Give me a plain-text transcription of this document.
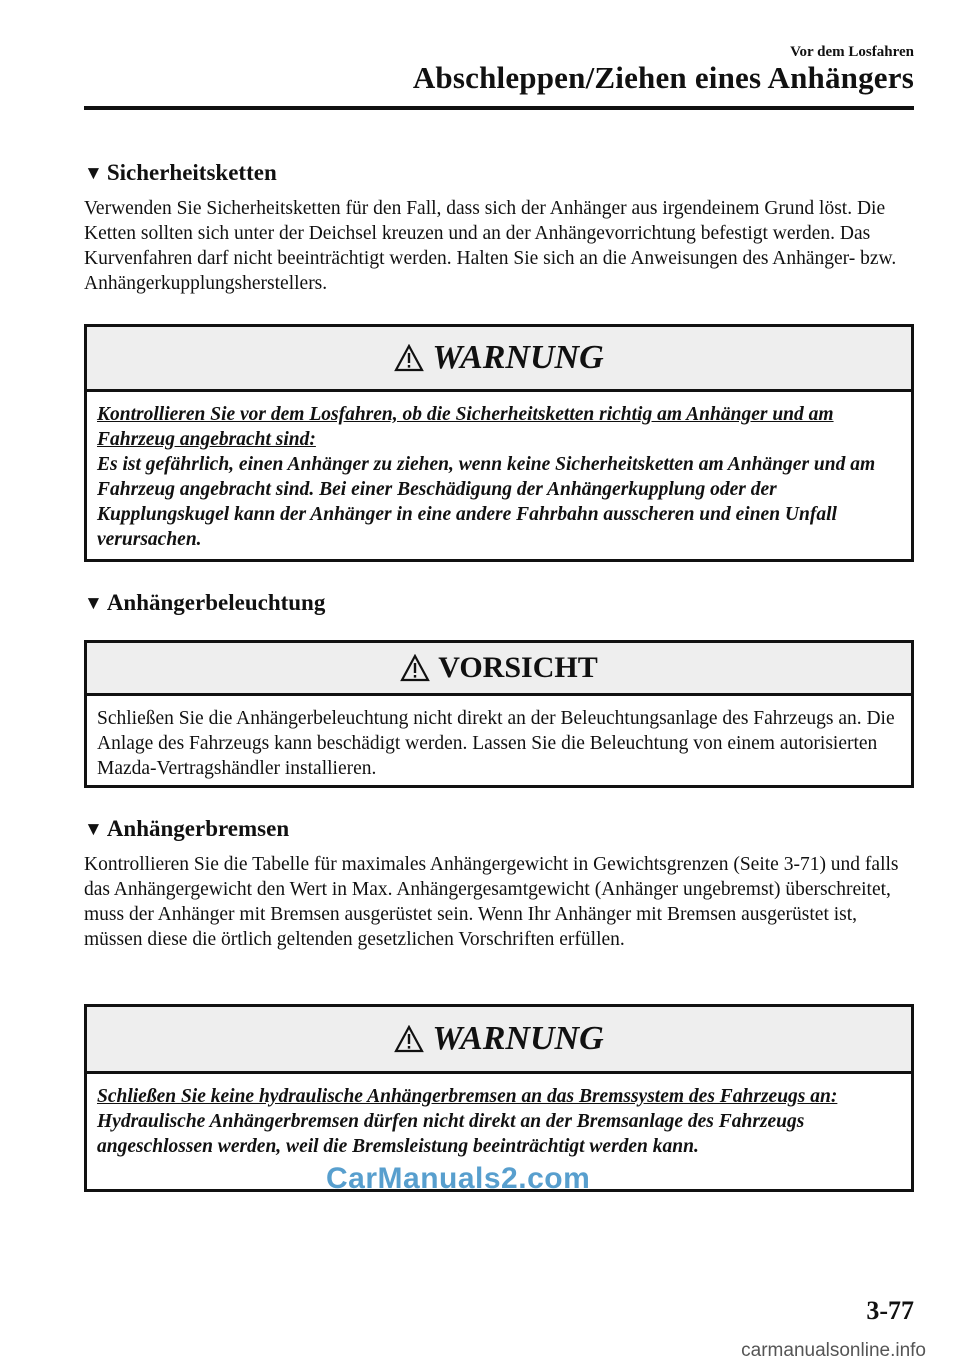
Vor dem Losfahren
Abschleppen/Ziehen eines Anhängers
▼ Sicherheitsketten
Verwenden Sie Sicherheitsketten für den Fall, dass sich der Anhänger aus irgendeinem Grund löst. Die Ketten sollten sich unter der Deichsel kreuzen und an der Anhängevorrichtung befestigt werden. Das Kurvenfahren darf nicht beeinträchtigt werden. Halten Sie sich an die Anweisungen des Anhänger- bzw. Anhängerkupplungsherstellers.
WARNUNG
Kontrollieren Sie vor dem Losfahren, ob die Sicherheitsketten richtig am Anhänger und am Fahrzeug angebracht sind:
Es ist gefährlich, einen Anhänger zu ziehen, wenn keine Sicherheitsketten am Anhänger und am Fahrzeug angebracht sind. Bei einer Beschädigung der Anhängerkupplung oder der Kupplungskugel kann der Anhänger in eine andere Fahrbahn ausscheren und einen Unfall verursachen.
▼ Anhängerbeleuchtung
VORSICHT
Schließen Sie die Anhängerbeleuchtung nicht direkt an der Beleuchtungsanlage des Fahrzeugs an. Die Anlage des Fahrzeugs kann beschädigt werden. Lassen Sie die Beleuchtung von einem autorisierten Mazda-Vertragshändler installieren.
▼ Anhängerbremsen
Kontrollieren Sie die Tabelle für maximales Anhängergewicht in Gewichtsgrenzen (Seite 3-71) und falls das Anhängergewicht den Wert in Max. Anhängergesamtgewicht (Anhänger ungebremst) überschreitet, muss der Anhänger mit Bremsen ausgerüstet sein. Wenn Ihr Anhänger mit Bremsen ausgerüstet ist, müssen diese die örtlich geltenden gesetzlichen Vorschriften erfüllen.
WARNUNG
Schließen Sie keine hydraulische Anhängerbremsen an das Bremssystem des Fahrzeugs an:
Hydraulische Anhängerbremsen dürfen nicht direkt an der Bremsanlage des Fahrzeugs angeschlossen werden, weil die Bremsleistung beeinträchtigt werden kann.
CarManuals2.com
3-77
carmanualsonline.info
